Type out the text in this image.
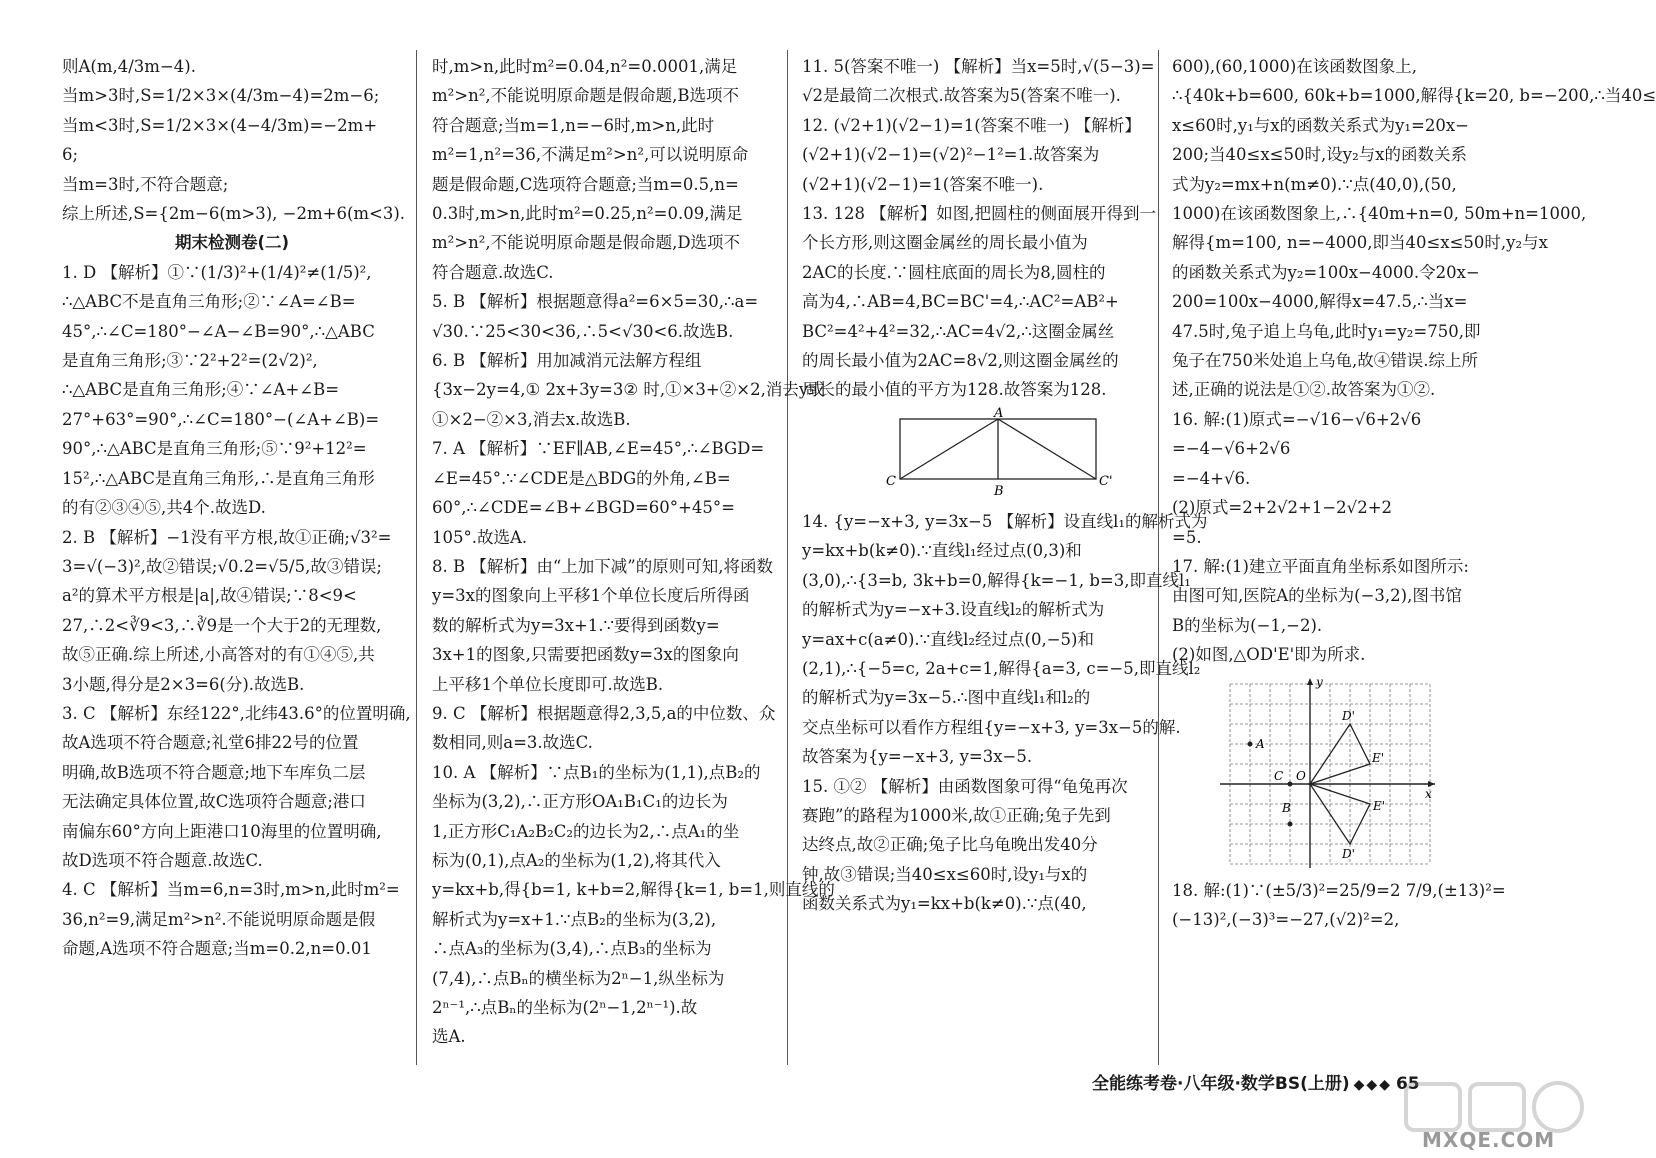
则A(m,4/3m−4).
当m>3时,S=1/2×3×(4/3m−4)=2m−6;
当m<3时,S=1/2×3×(4−4/3m)=−2m+
6;
当m=3时,不符合题意;
综上所述,S={2m−6(m>3), −2m+6(m<3).
期末检测卷(二)
1. D 【解析】①∵(1/3)²+(1/4)²≠(1/5)²,
∴△ABC不是直角三角形;②∵∠A=∠B=
45°,∴∠C=180°−∠A−∠B=90°,∴△ABC
是直角三角形;③∵2²+2²=(2√2)²,
∴△ABC是直角三角形;④∵∠A+∠B=
27°+63°=90°,∴∠C=180°−(∠A+∠B)=
90°,∴△ABC是直角三角形;⑤∵9²+12²=
15²,∴△ABC是直角三角形,∴是直角三角形
的有②③④⑤,共4个.故选D.
2. B 【解析】−1没有平方根,故①正确;√3²=
3=√(−3)²,故②错误;√0.2=√5/5,故③错误;
a²的算术平方根是|a|,故④错误;∵8<9<
27,∴2<∛9<3,∴∛9是一个大于2的无理数,
故⑤正确.综上所述,小高答对的有①④⑤,共
3小题,得分是2×3=6(分).故选B.
3. C 【解析】东经122°,北纬43.6°的位置明确,
故A选项不符合题意;礼堂6排22号的位置
明确,故B选项不符合题意;地下车库负二层
无法确定具体位置,故C选项符合题意;港口
南偏东60°方向上距港口10海里的位置明确,
故D选项不符合题意.故选C.
4. C 【解析】当m=6,n=3时,m>n,此时m²=
36,n²=9,满足m²>n².不能说明原命题是假
命题,A选项不符合题意;当m=0.2,n=0.01
时,m>n,此时m²=0.04,n²=0.0001,满足
m²>n²,不能说明原命题是假命题,B选项不
符合题意;当m=1,n=−6时,m>n,此时
m²=1,n²=36,不满足m²>n²,可以说明原命
题是假命题,C选项符合题意;当m=0.5,n=
0.3时,m>n,此时m²=0.25,n²=0.09,满足
m²>n²,不能说明原命题是假命题,D选项不
符合题意.故选C.
5. B 【解析】根据题意得a²=6×5=30,∴a=
√30.∵25<30<36,∴5<√30<6.故选B.
6. B 【解析】用加减消元法解方程组
{3x−2y=4,① 2x+3y=3② 时,①×3+②×2,消去y或
①×2−②×3,消去x.故选B.
7. A 【解析】∵EF∥AB,∠E=45°,∴∠BGD=
∠E=45°.∵∠CDE是△BDG的外角,∠B=
60°,∴∠CDE=∠B+∠BGD=60°+45°=
105°.故选A.
8. B 【解析】由“上加下减”的原则可知,将函数
y=3x的图象向上平移1个单位长度后所得函
数的解析式为y=3x+1.∵要得到函数y=
3x+1的图象,只需要把函数y=3x的图象向
上平移1个单位长度即可.故选B.
9. C 【解析】根据题意得2,3,5,a的中位数、众
数相同,则a=3.故选C.
10. A 【解析】∵点B₁的坐标为(1,1),点B₂的
坐标为(3,2),∴正方形OA₁B₁C₁的边长为
1,正方形C₁A₂B₂C₂的边长为2,∴点A₁的坐
标为(0,1),点A₂的坐标为(1,2),将其代入
y=kx+b,得{b=1, k+b=2,解得{k=1, b=1,则直线的
解析式为y=x+1.∵点B₂的坐标为(3,2),
∴点A₃的坐标为(3,4),∴点B₃的坐标为
(7,4),∴点Bₙ的横坐标为2ⁿ−1,纵坐标为
2ⁿ⁻¹,∴点Bₙ的坐标为(2ⁿ−1,2ⁿ⁻¹).故
选A.
11. 5(答案不唯一) 【解析】当x=5时,√(5−3)=
√2是最简二次根式.故答案为5(答案不唯一).
12. (√2+1)(√2−1)=1(答案不唯一) 【解析】
(√2+1)(√2−1)=(√2)²−1²=1.故答案为
(√2+1)(√2−1)=1(答案不唯一).
13. 128 【解析】如图,把圆柱的侧面展开得到一
个长方形,则这圈金属丝的周长最小值为
2AC的长度.∵圆柱底面的周长为8,圆柱的
高为4,∴AB=4,BC=BC'=4,∴AC²=AB²+
BC²=4²+4²=32,∴AC=4√2,∴这圈金属丝
的周长最小值为2AC=8√2,则这圈金属丝的
周长的最小值的平方为128.故答案为128.
A
B
C	C'
14. {y=−x+3, y=3x−5 【解析】设直线l₁的解析式为
y=kx+b(k≠0).∵直线l₁经过点(0,3)和
(3,0),∴{3=b, 3k+b=0,解得{k=−1, b=3,即直线l₁
的解析式为y=−x+3.设直线l₂的解析式为
y=ax+c(a≠0).∵直线l₂经过点(0,−5)和
(2,1),∴{−5=c, 2a+c=1,解得{a=3, c=−5,即直线l₂
的解析式为y=3x−5.∴图中直线l₁和l₂的
交点坐标可以看作方程组{y=−x+3, y=3x−5的解.
故答案为{y=−x+3, y=3x−5.
15. ①② 【解析】由函数图象可得“龟兔再次
赛跑”的路程为1000米,故①正确;兔子先到
达终点,故②正确;兔子比乌龟晚出发40分
钟,故③错误;当40≤x≤60时,设y₁与x的
函数关系式为y₁=kx+b(k≠0).∵点(40,
600),(60,1000)在该函数图象上,
∴{40k+b=600, 60k+b=1000,解得{k=20, b=−200,∴当40≤
x≤60时,y₁与x的函数关系式为y₁=20x−
200;当40≤x≤50时,设y₂与x的函数关系
式为y₂=mx+n(m≠0).∵点(40,0),(50,
1000)在该函数图象上,∴{40m+n=0, 50m+n=1000,
解得{m=100, n=−4000,即当40≤x≤50时,y₂与x
的函数关系式为y₂=100x−4000.令20x−
200=100x−4000,解得x=47.5,∴当x=
47.5时,兔子追上乌龟,此时y₁=y₂=750,即
兔子在750米处追上乌龟,故④错误.综上所
述,正确的说法是①②.故答案为①②.
16. 解:(1)原式=−√16−√6+2√6
=−4−√6+2√6
=−4+√6.
(2)原式=2+2√2+1−2√2+2
=5.
17. 解:(1)建立平面直角坐标系如图所示:
由图可知,医院A的坐标为(−3,2),图书馆
B的坐标为(−1,−2).
(2)如图,△OD'E'即为所求.
y
x
O
A
B
C
D'
E'
E'
D'
18. 解:(1)∵(±5/3)²=25/9=2 7/9,(±13)²=
(−13)²,(−3)³=−27,(√2)²=2,
全能练考卷·八年级·数学BS(上册) ◆◆◆ 65
MXQE.COM
